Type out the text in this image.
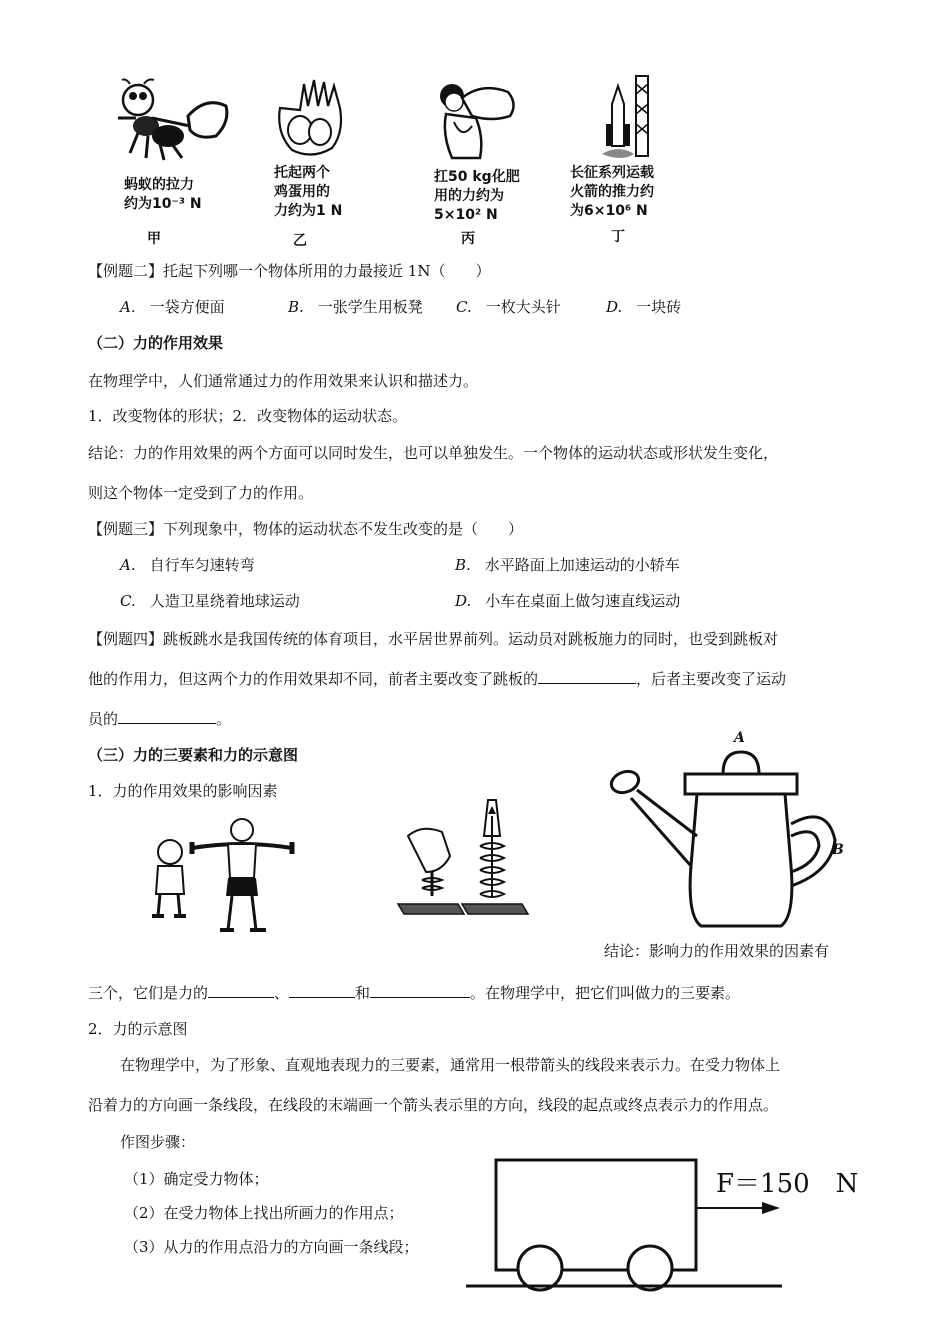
蚂蚁的拉力
约为10⁻³ N
托起两个
鸡蛋用的
力约为1 N
扛50 kg化肥
用的力约为
5×10² N
长征系列运载
火箭的推力约
为6×10⁶ N
甲	乙	丙	丁
【例题二】托起下列哪一个物体所用的力最接近 1N（　　）
A. 一袋方便面	B. 一张学生用板凳 C. 一枚大头针	D. 一块砖
（二）力的作用效果
在物理学中，人们通常通过力的作用效果来认识和描述力。
1．改变物体的形状；2．改变物体的运动状态。
结论：力的作用效果的两个方面可以同时发生，也可以单独发生。一个物体的运动状态或形状发生变化，
则这个物体一定受到了力的作用。
【例题三】下列现象中，物体的运动状态不发生改变的是（　　）
A. 自行车匀速转弯	B. 水平路面上加速运动的小轿车
C. 人造卫星绕着地球运动	D. 小车在桌面上做匀速直线运动
【例题四】跳板跳水是我国传统的体育项目，水平居世界前列。运动员对跳板施力的同时，也受到跳板对
他的作用力，但这两个力的作用效果却不同，前者主要改变了跳板的	，后者主要改变了运动
员的	。
（三）力的三要素和力的示意图
1．力的作用效果的影响因素
A
B
结论：影响力的作用效果的因素有
三个，它们是力的	、	和	。在物理学中，把它们叫做力的三要素。
2．力的示意图
在物理学中，为了形象、直观地表现力的三要素，通常用一根带箭头的线段来表示力。在受力物体上
沿着力的方向画一条线段，在线段的末端画一个箭头表示里的方向，线段的起点或终点表示力的作用点。
作图步骤：
（1）确定受力物体；
（2）在受力物体上找出所画力的作用点；
（3）从力的作用点沿力的方向画一条线段；
F＝150　N
